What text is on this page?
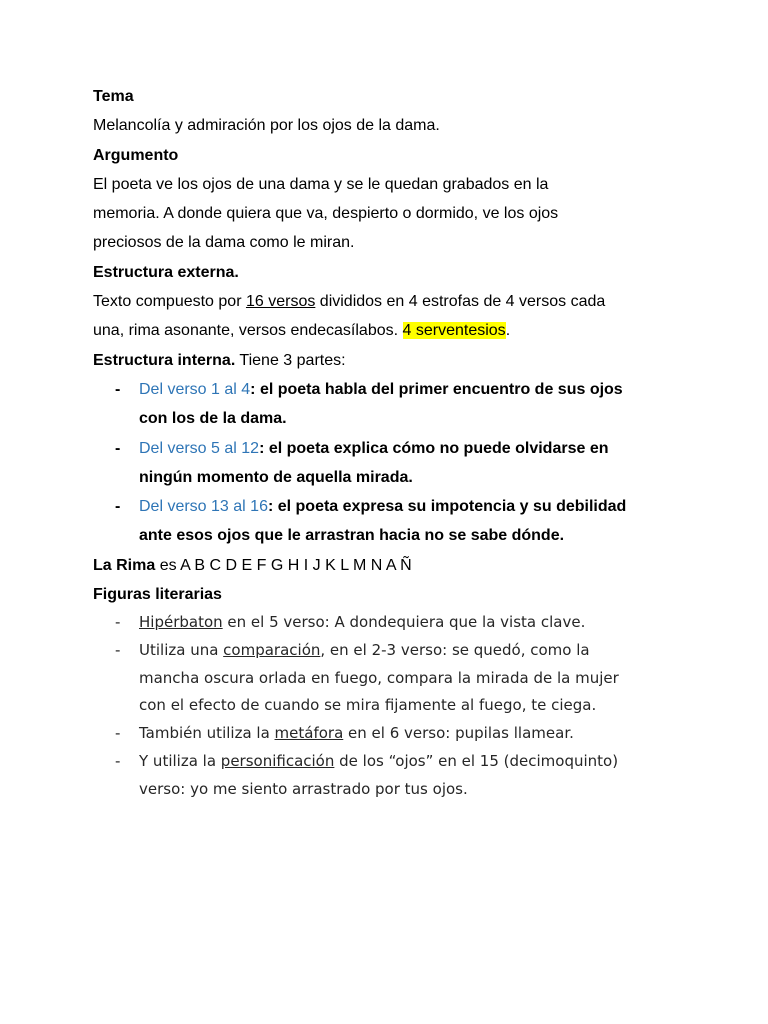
Tema
Melancolía y admiración por los ojos de la dama.
Argumento
El poeta ve los ojos de una dama y se le quedan grabados en la
memoria. A donde quiera que va, despierto o dormido, ve los ojos
preciosos de la dama como le miran.
Estructura externa.
Texto compuesto por 16 versos divididos en 4 estrofas de 4 versos cada
una, rima asonante, versos endecasílabos. 4 serventesios.
Estructura interna. Tiene 3 partes:
- Del verso 1 al 4: el poeta habla del primer encuentro de sus ojos
con los de la dama.
- Del verso 5 al 12: el poeta explica cómo no puede olvidarse en
ningún momento de aquella mirada.
- Del verso 13 al 16: el poeta expresa su impotencia y su debilidad
ante esos ojos que le arrastran hacia no se sabe dónde.
La Rima es A B C D E F G H I J K L M N A Ñ
Figuras literarias
- Hipérbaton en el 5 verso: A dondequiera que la vista clave.
- Utiliza una comparación, en el 2-3 verso: se quedó, como la
mancha oscura orlada en fuego, compara la mirada de la mujer
con el efecto de cuando se mira fijamente al fuego, te ciega.
- También utiliza la metáfora en el 6 verso: pupilas llamear.
- Y utiliza la personificación de los “ojos” en el 15 (decimoquinto)
verso: yo me siento arrastrado por tus ojos.
